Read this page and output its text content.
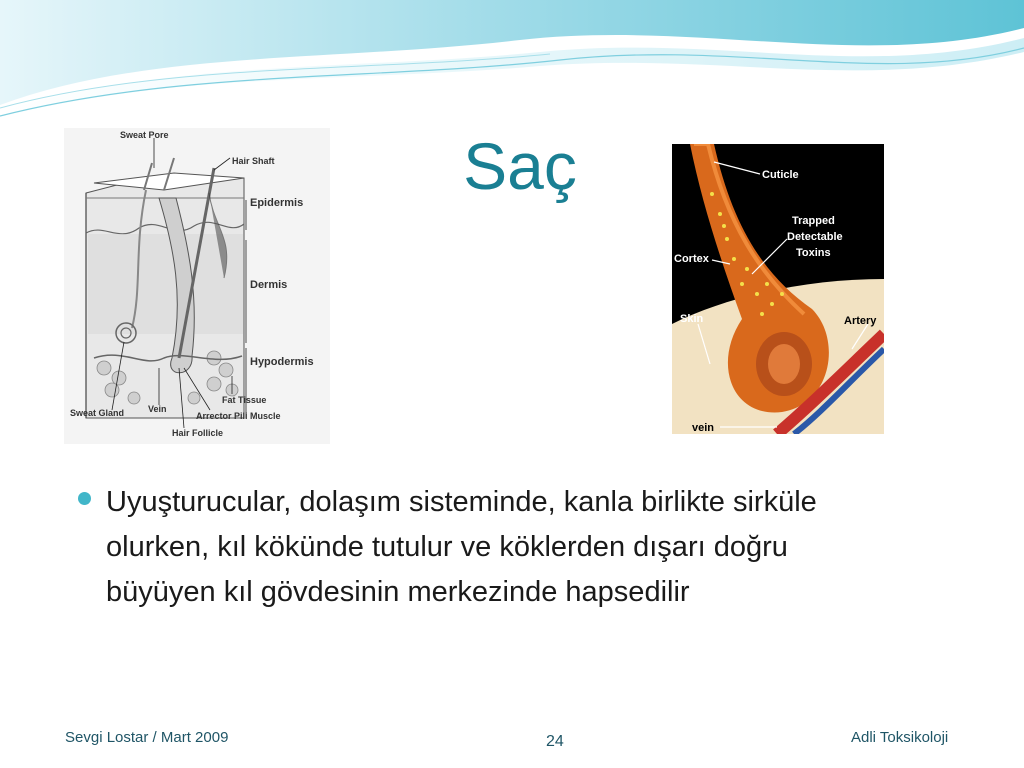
Saç
Sweat Pore
Hair Shaft
Epidermis
Dermis
Hypodermis
Fat Tissue
Arrector Pili Muscle
Sweat Gland	Vein
Hair Follicle
Cuticle
Trapped
Detectable
Toxins
Cortex
Skin	Artery
vein
Uyuşturucular, dolaşım sisteminde, kanla birlikte sirküle olurken, kıl kökünde tutulur ve köklerden dışarı doğru büyüyen kıl gövdesinin merkezinde hapsedilir
Sevgi Lostar / Mart 2009	24	Adli Toksikoloji
